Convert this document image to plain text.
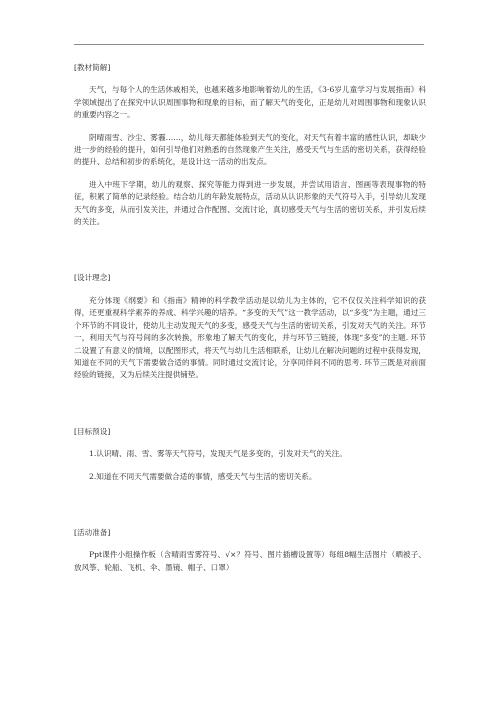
[教材简解]

天气，与每个人的生活休戚相关，也越来越多地影响着幼儿的生活，《3-6岁儿童学习与发展指南》科学领域提出了在探究中认识周围事物和现象的目标，而了解天气的变化，正是幼儿对周围事物和现象认识的重要内容之一。

阴晴雨雪、沙尘、雾霾……，幼儿每天都能体验到天气的变化，对天气有着丰富的感性认识，却缺少进一步的经验的提升，如何引导他们对熟悉的自然现象产生关注，感受天气与生活的密切关系，获得经验的提升、总结和初步的系统化，是设计这一活动的出发点。

进入中班下学期，幼儿的观察、探究等能力得到进一步发展，并尝试用语言、图画等表现事物的特征，积累了简单的记录经验。结合幼儿的年龄发展特点，活动从认识形象的天气符号入手，引导幼儿发现天气的多变，从而引发关注，并通过合作配图、交流讨论，真切感受天气与生活的密切关系，并引发后续的关注。

[设计理念]

充分体现《纲要》和《指南》精神的科学教学活动是以幼儿为主体的，它不仅仅关注科学知识的获得，还更重视科学素养的养成、科学兴趣的培养。“多变的天气”这一教学活动，以“多变”为主题，通过三个环节的不同设计，使幼儿主动发现天气的多变，感受天气与生活的密切关系，引发对天气的关注。环节一，利用天气与符号间的多次转换，形象地了解天气的变化，并与环节三链接，体现“多变”的主题. 环节二设置了有意义的情境，以配图形式，将天气与幼儿生活相联系，让幼儿在解决问题的过程中获得发现，知道在不同的天气下需要做合适的事情。同时通过交流讨论，分享同伴间不同的思考. 环节三既是对前面经验的链接，又为后续关注提供铺垫。

[目标预设]

1.认识晴、雨、雪、雾等天气符号，发现天气是多变的，引发对天气的关注。

2.知道在不同天气需要做合适的事情，感受天气与生活的密切关系。

[活动准备]

Ppt课件小组操作板（含晴雨雪雾符号、√×？符号、图片插槽设置等）每组8幅生活图片（晒被子、放风筝、轮船、飞机、伞、墨镜、帽子、口罩）
